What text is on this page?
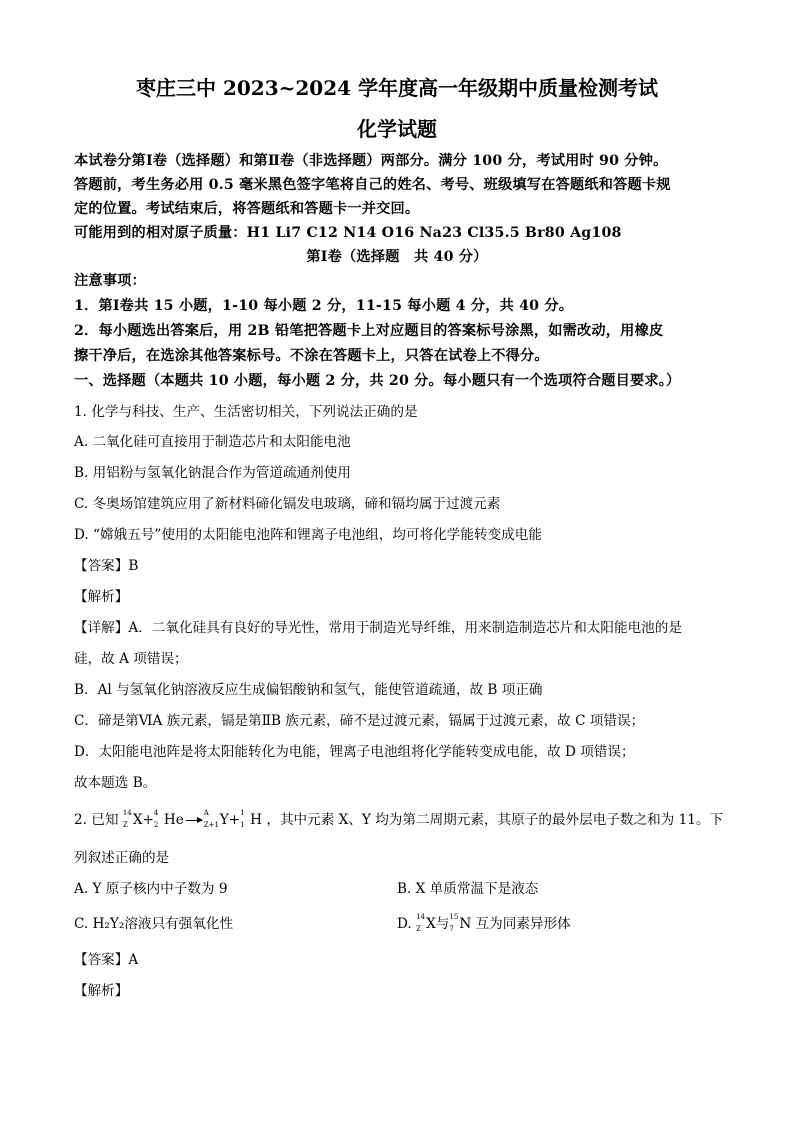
枣庄三中 2023~2024 学年度高一年级期中质量检测考试
化学试题
本试卷分第Ⅰ卷（选择题）和第Ⅱ卷（非选择题）两部分。满分 100 分，考试用时 90 分钟。
答题前，考生务必用 0.5 毫米黑色签字笔将自己的姓名、考号、班级填写在答题纸和答题卡规
定的位置。考试结束后，将答题纸和答题卡一并交回。
可能用到的相对原子质量：H1 Li7 C12 N14 O16 Na23 Cl35.5 Br80 Ag108
第Ⅰ卷（选择题　共 40 分）
注意事项：
1．第Ⅰ卷共 15 小题，1-10 每小题 2 分，11-15 每小题 4 分，共 40 分。
2．每小题选出答案后，用 2B 铅笔把答题卡上对应题目的答案标号涂黑，如需改动，用橡皮
擦干净后，在选涂其他答案标号。不涂在答题卡上，只答在试卷上不得分。
一、选择题（本题共 10 小题，每小题 2 分，共 20 分。每小题只有一个选项符合题目要求。）
1. 化学与科技、生产、生活密切相关，下列说法正确的是
A. 二氧化硅可直接用于制造芯片和太阳能电池
B. 用铝粉与氢氧化钠混合作为管道疏通剂使用
C. 冬奥场馆建筑应用了新材料碲化镉发电玻璃，碲和镉均属于过渡元素
D. “嫦娥五号”使用的太阳能电池阵和锂离子电池组，均可将化学能转变成电能
【答案】B
【解析】
【详解】A．二氧化硅具有良好的导光性，常用于制造光导纤维，用来制造制造芯片和太阳能电池的是
硅，故 A 项错误；
B．Al 与氢氧化钠溶液反应生成偏铝酸钠和氢气，能使管道疏通，故 B 项正确
C．碲是第ⅥA 族元素，镉是第ⅡB 族元素，碲不是过渡元素，镉属于过渡元素，故 C 项错误；
D．太阳能电池阵是将太阳能转化为电能，锂离子电池组将化学能转变成电能，故 D 项错误；
故本题选 B。
2. 已知 14
Z X+ 4
2 He →
A
Z+1 Y+ 1
1 H ，其中元素 X、Y 均为第二周期元素，其原子的最外层电子数之和为 11。下
列叙述正确的是
A. Y 原子核内中子数为 9	B. X 单质常温下是液态
C. H₂Y₂溶液只有强氧化性	D. 14
Z X与 15
7 N 互为同素异形体
【答案】A
【解析】
